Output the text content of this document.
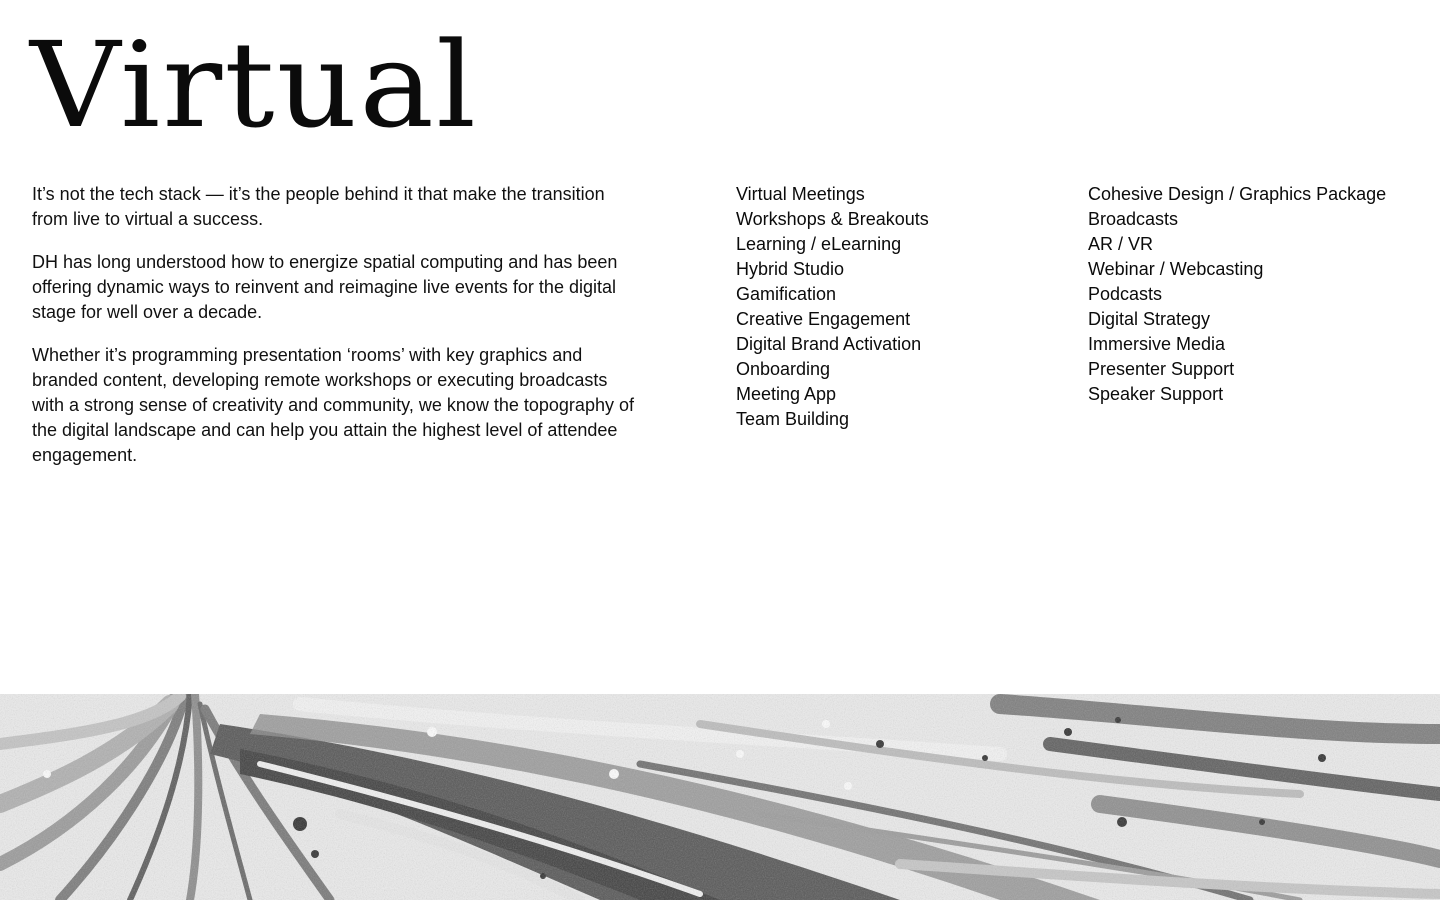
Virtual

It’s not the tech stack — it’s the people behind it that make the transition from live to virtual a success.

DH has long understood how to energize spatial computing and has been offering dynamic ways to reinvent and reimagine live events for the digital stage for well over a decade.

Whether it’s programming presentation ‘rooms’ with key graphics and branded content, developing remote workshops or executing broadcasts with a strong sense of creativity and community, we know the topography of the digital landscape and can help you attain the highest level of attendee engagement.

Virtual Meetings
Workshops & Breakouts
Learning / eLearning
Hybrid Studio
Gamification
Creative Engagement
Digital Brand Activation
Onboarding
Meeting App
Team Building
Cohesive Design / Graphics Package
Broadcasts
AR / VR
Webinar / Webcasting
Podcasts
Digital Strategy
Immersive Media
Presenter Support
Speaker Support
